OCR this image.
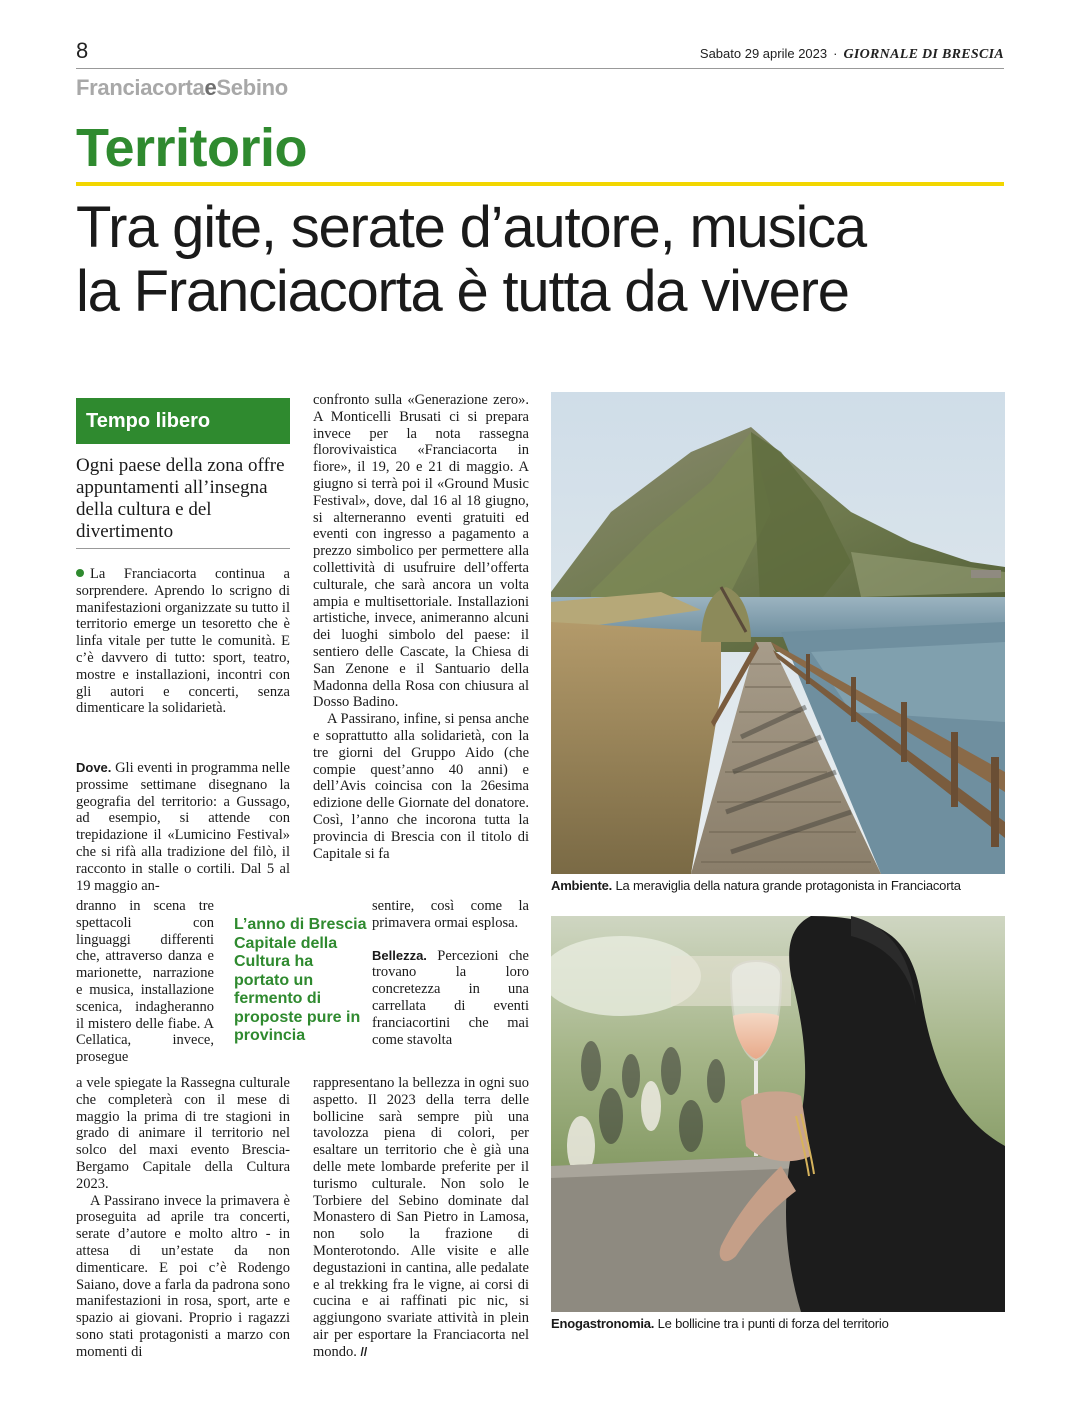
8	Sabato 29 aprile 2023 · GIORNALE DI BRESCIA
FranciacortaeSebino
Territorio
Tra gite, serate d’autore, musica
la Franciacorta è tutta da vivere
Tempo libero
Ogni paese della zona offre appuntamenti all’insegna della cultura e del divertimento

La Franciacorta continua a sorprendere. Aprendo lo scrigno di manifestazioni organizzate su tutto il territorio emerge un tesoretto che è linfa vitale per tutte le comunità. E c’è davvero di tutto: sport, teatro, mostre e installazioni, incontri con gli autori e concerti, senza dimenticare la solidarietà.

Dove. Gli eventi in programma nelle prossime settimane disegnano la geografia del territorio: a Gussago, ad esempio, si attende con trepidazione il «Lumicino Festival» che si rifà alla tradizione del filò, il racconto in stalle o cortili. Dal 5 al 19 maggio an-

dranno in scena tre spettacoli con linguaggi differenti che, attraverso danza e marionette, narrazione e musica, installazione scenica, indagheranno il mistero delle fiabe. A Cellatica, invece, prosegue

a vele spiegate la Rassegna culturale che completerà con il mese di maggio la prima di tre stagioni in grado di animare il territorio nel solco del maxi evento Brescia-Bergamo Capitale della Cultura 2023.

A Passirano invece la primavera è proseguita ad aprile tra concerti, serate d’autore e molto altro - in attesa di un’estate da non dimenticare. E poi c’è Rodengo Saiano, dove a farla da padrona sono manifestazioni in rosa, sport, arte e spazio ai giovani. Proprio i ragazzi sono stati protagonisti a marzo con momenti di

L’anno di Brescia Capitale della Cultura ha portato un fermento di proposte pure in provincia

confronto sulla «Generazione zero». A Monticelli Brusati ci si prepara invece per la nota rassegna florovivaistica «Franciacorta in fiore», il 19, 20 e 21 di maggio. A giugno si terrà poi il «Ground Music Festival», dove, dal 16 al 18 giugno, si alterneranno eventi gratuiti ed eventi con ingresso a pagamento a prezzo simbolico per permettere alla collettività di usufruire dell’offerta culturale, che sarà ancora un volta ampia e multisettoriale. Installazioni artistiche, invece, animeranno alcuni dei luoghi simbolo del paese: il sentiero delle Cascate, la Chiesa di San Zenone e il Santuario della Madonna della Rosa con chiusura al Dosso Badino.

A Passirano, infine, si pensa anche e soprattutto alla solidarietà, con la tre giorni del Gruppo Aido (che compie quest’anno 40 anni) e dell’Avis coincisa con la 26esima edizione delle Giornate del donatore. Così, l’anno che incorona tutta la provincia di Brescia con il titolo di Capitale si fa

sentire, così come la primavera ormai esplosa.

Bellezza. Percezioni che trovano la loro concretezza in una carrellata di eventi franciacortini che mai come stavolta

rappresentano la bellezza in ogni suo aspetto. Il 2023 della terra delle bollicine sarà sempre più una tavolozza piena di colori, per esaltare un territorio che è già una delle mete lombarde preferite per il turismo culturale. Non solo le Torbiere del Sebino dominate dal Monastero di San Pietro in Lamosa, non solo la frazione di Monterotondo. Alle visite e alle degustazioni in cantina, alle pedalate e al trekking fra le vigne, ai corsi di cucina e ai raffinati pic nic, si aggiungono svariate attività in plein air per esportare la Franciacorta nel mondo. //

Ambiente. La meraviglia della natura grande protagonista in Franciacorta
Enogastronomia. Le bollicine tra i punti di forza del territorio
